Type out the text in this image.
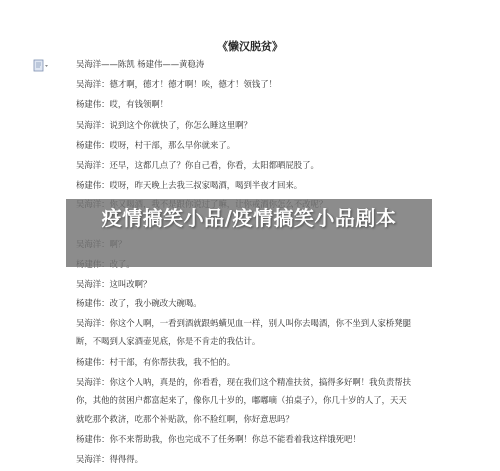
《懒汉脱贫》
吴海洋——陈凯 杨建伟——黄稳涛
吴海洋：德才啊，德才！德才啊！唉，德才！领钱了！
杨建伟：哎，有钱领啊！
吴海洋：说到这个你就快了，你怎么睡这里啊？
杨建伟：哎呀，村干部，那么早你就来了。
吴海洋：还早，这都几点了？你自己看，你看，太阳都晒屁股了。
杨建伟：哎呀，昨天晚上去我三叔家喝酒，喝到半夜才回来。
吴海洋：这叫改啊？
杨建伟：改了，我小碗改大碗喝。
吴海洋：你这个人啊，一看到酒就跟蚂蟥见血一样，别人叫你去喝酒，你不坐到人家桥凳腿
断，不喝到人家酒壶见底，你是不肯走的我估计。
杨建伟：村干部，有你帮扶我，我不怕的。
吴海洋：你这个人呐，真是的，你看看，现在我们这个精准扶贫，搞得多好啊！我负责帮扶
你，其他的贫困户都富起来了，像你几十岁的，嘟嘟嘀（拍桌子），你几十岁的人了，天天
就吃那个救济，吃那个补贴款，你不脸红啊，你好意思吗？
杨建伟：你不来帮助我，你也完成不了任务啊！你总不能看着我这样饿死吧！
吴海洋：得得得。
疫情搞笑小品/疫情搞笑小品剧本
